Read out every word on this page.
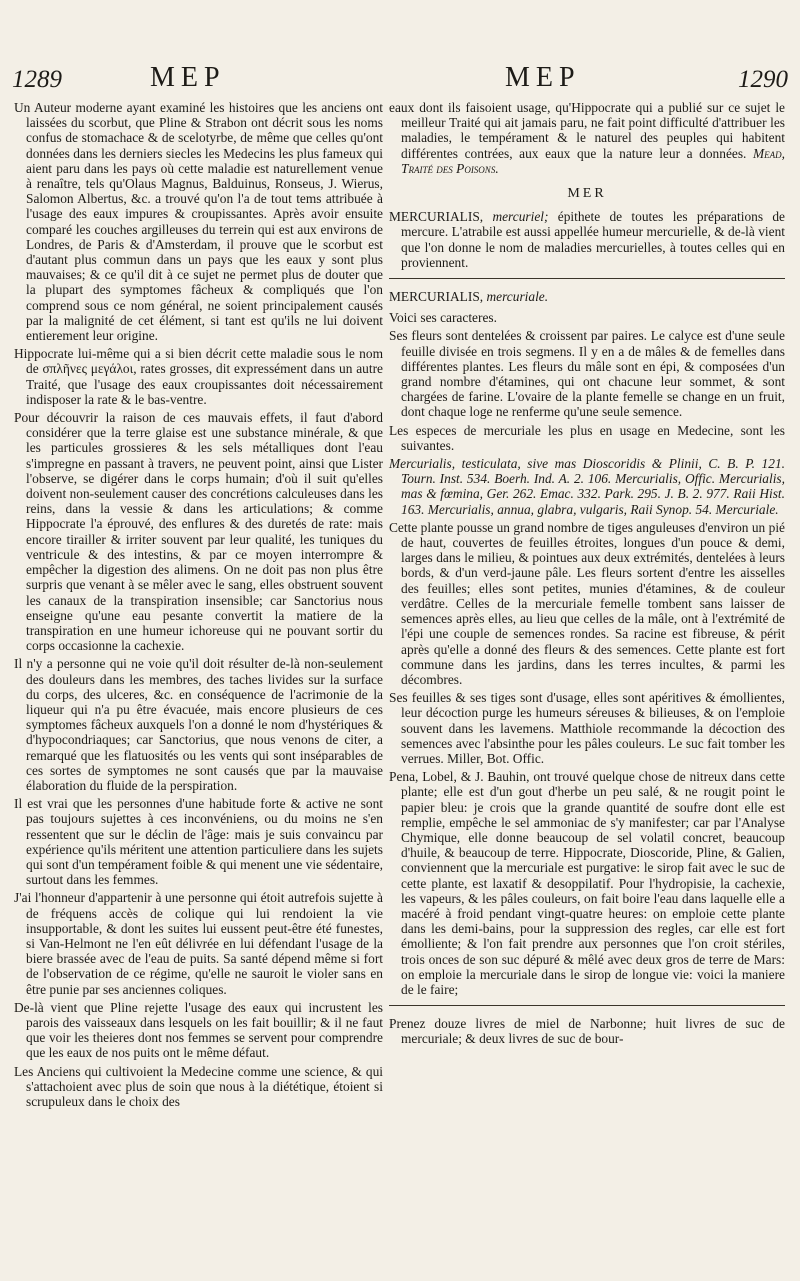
1289	MEP	MEP	1290

Un Auteur moderne ayant examiné les histoires que les anciens ont laissées du scorbut, que Pline & Strabon ont décrit sous les noms confus de stomachace & de scelotyrbe, de même que celles qu'ont données dans les derniers siecles les Medecins les plus fameux qui aient paru dans les pays où cette maladie est naturellement venue à renaître, tels qu'Olaus Magnus, Balduinus, Ronseus, J. Wierus, Salomon Albertus, &c. a trouvé qu'on l'a de tout tems attribuée à l'usage des eaux impures & croupissantes. Après avoir ensuite comparé les couches argilleuses du terrein qui est aux environs de Londres, de Paris & d'Amsterdam, il prouve que le scorbut est d'autant plus commun dans un pays que les eaux y sont plus mauvaises; & ce qu'il dit à ce sujet ne permet plus de douter que la plupart des symptomes fâcheux & compliqués que l'on comprend sous ce nom général, ne soient principalement causés par la malignité de cet élément, si tant est qu'ils ne lui doivent entierement leur origine.

Hippocrate lui-même qui a si bien décrit cette maladie sous le nom de σπλῆνες μεγάλοι, rates grosses, dit expressément dans un autre Traité, que l'usage des eaux croupissantes doit nécessairement indisposer la rate & le bas-ventre.

Pour découvrir la raison de ces mauvais effets, il faut d'abord considérer que la terre glaise est une substance minérale, & que les particules grossieres & les sels métalliques dont l'eau s'impregne en passant à travers, ne peuvent point, ainsi que Lister l'observe, se digérer dans le corps humain; d'où il suit qu'elles doivent non-seulement causer des concrétions calculeuses dans les reins, dans la vessie & dans les articulations; & comme Hippocrate l'a éprouvé, des enflures & des duretés de rate: mais encore tirailler & irriter souvent par leur qualité, les tuniques du ventricule & des intestins, & par ce moyen interrompre & empêcher la digestion des alimens. On ne doit pas non plus être surpris que venant à se mêler avec le sang, elles obstruent souvent les canaux de la transpiration insensible; car Sanctorius nous enseigne qu'une eau pesante convertit la matiere de la transpiration en une humeur ichoreuse qui ne pouvant sortir du corps occasionne la cachexie.

Il n'y a personne qui ne voie qu'il doit résulter de-là non-seulement des douleurs dans les membres, des taches livides sur la surface du corps, des ulceres, &c. en conséquence de l'acrimonie de la liqueur qui n'a pu être évacuée, mais encore plusieurs de ces symptomes fâcheux auxquels l'on a donné le nom d'hystériques & d'hypocondriaques; car Sanctorius, que nous venons de citer, a remarqué que les flatuosités ou les vents qui sont inséparables de ces sortes de symptomes ne sont causés que par la mauvaise élaboration du fluide de la perspiration.

Il est vrai que les personnes d'une habitude forte & active ne sont pas toujours sujettes à ces inconvéniens, ou du moins ne s'en ressentent que sur le déclin de l'âge: mais je suis convaincu par expérience qu'ils méritent une attention particuliere dans les sujets qui sont d'un tempérament foible & qui menent une vie sédentaire, surtout dans les femmes.

J'ai l'honneur d'appartenir à une personne qui étoit autrefois sujette à de fréquens accès de colique qui lui rendoient la vie insupportable, & dont les suites lui eussent peut-être été funestes, si Van-Helmont ne l'en eût délivrée en lui défendant l'usage de la biere brassée avec de l'eau de puits. Sa santé dépend même si fort de l'observation de ce régime, qu'elle ne sauroit le violer sans en être punie par ses anciennes coliques.

De-là vient que Pline rejette l'usage des eaux qui incrustent les parois des vaisseaux dans lesquels on les fait bouillir; & il ne faut que voir les theieres dont nos femmes se servent pour comprendre que les eaux de nos puits ont le même défaut.

Les Anciens qui cultivoient la Medecine comme une science, & qui s'attachoient avec plus de soin que nous à la diététique, étoient si scrupuleux dans le choix des

eaux dont ils faisoient usage, qu'Hippocrate qui a publié sur ce sujet le meilleur Traité qui ait jamais paru, ne fait point difficulté d'attribuer les maladies, le tempérament & le naturel des peuples qui habitent différentes contrées, aux eaux que la nature leur a données. Mead, Traité des Poisons.

MER

MERCURIALIS, mercuriel; épithete de toutes les préparations de mercure. L'atrabile est aussi appellée humeur mercurielle, & de-là vient que l'on donne le nom de maladies mercurielles, à toutes celles qui en proviennent.

MERCURIALIS, mercuriale.

Voici ses caracteres.

Ses fleurs sont dentelées & croissent par paires. Le calyce est d'une seule feuille divisée en trois segmens. Il y en a de mâles & de femelles dans différentes plantes. Les fleurs du mâle sont en épi, & composées d'un grand nombre d'étamines, qui ont chacune leur sommet, & sont chargées de farine. L'ovaire de la plante femelle se change en un fruit, dont chaque loge ne renferme qu'une seule semence.

Les especes de mercuriale les plus en usage en Medecine, sont les suivantes.

Mercurialis, testiculata, sive mas Dioscoridis & Plinii, C. B. P. 121. Tourn. Inst. 534. Boerh. Ind. A. 2. 106. Mercurialis, Offic. Mercurialis, mas & fœmina, Ger. 262. Emac. 332. Park. 295. J. B. 2. 977. Raii Hist. 163. Mercurialis, annua, glabra, vulgaris, Raii Synop. 54. Mercuriale.

Cette plante pousse un grand nombre de tiges anguleuses d'environ un pié de haut, couvertes de feuilles étroites, longues d'un pouce & demi, larges dans le milieu, & pointues aux deux extrémités, dentelées à leurs bords, & d'un verd-jaune pâle. Les fleurs sortent d'entre les aisselles des feuilles; elles sont petites, munies d'étamines, & de couleur verdâtre. Celles de la mercuriale femelle tombent sans laisser de semences après elles, au lieu que celles de la mâle, ont à l'extrémité de l'épi une couple de semences rondes. Sa racine est fibreuse, & périt après qu'elle a donné des fleurs & des semences. Cette plante est fort commune dans les jardins, dans les terres incultes, & parmi les décombres.

Ses feuilles & ses tiges sont d'usage, elles sont apéritives & émollientes, leur décoction purge les humeurs séreuses & bilieuses, & on l'emploie souvent dans les lavemens. Matthiole recommande la décoction des semences avec l'absinthe pour les pâles couleurs. Le suc fait tomber les verrues. Miller, Bot. Offic.

Pena, Lobel, & J. Bauhin, ont trouvé quelque chose de nitreux dans cette plante; elle est d'un gout d'herbe un peu salé, & ne rougit point le papier bleu: je crois que la grande quantité de soufre dont elle est remplie, empêche le sel ammoniac de s'y manifester; car par l'Analyse Chymique, elle donne beaucoup de sel volatil concret, beaucoup d'huile, & beaucoup de terre. Hippocrate, Dioscoride, Pline, & Galien, conviennent que la mercuriale est purgative: le sirop fait avec le suc de cette plante, est laxatif & desoppilatif. Pour l'hydropisie, la cachexie, les vapeurs, & les pâles couleurs, on fait boire l'eau dans laquelle elle a macéré à froid pendant vingt-quatre heures: on emploie cette plante dans les demi-bains, pour la suppression des regles, car elle est fort émolliente; & l'on fait prendre aux personnes que l'on croit stériles, trois onces de son suc dépuré & mêlé avec deux gros de terre de Mars: on emploie la mercuriale dans le sirop de longue vie: voici la maniere de le faire;

Prenez douze livres de miel de Narbonne; huit livres de suc de mercuriale; & deux livres de suc de bour-
